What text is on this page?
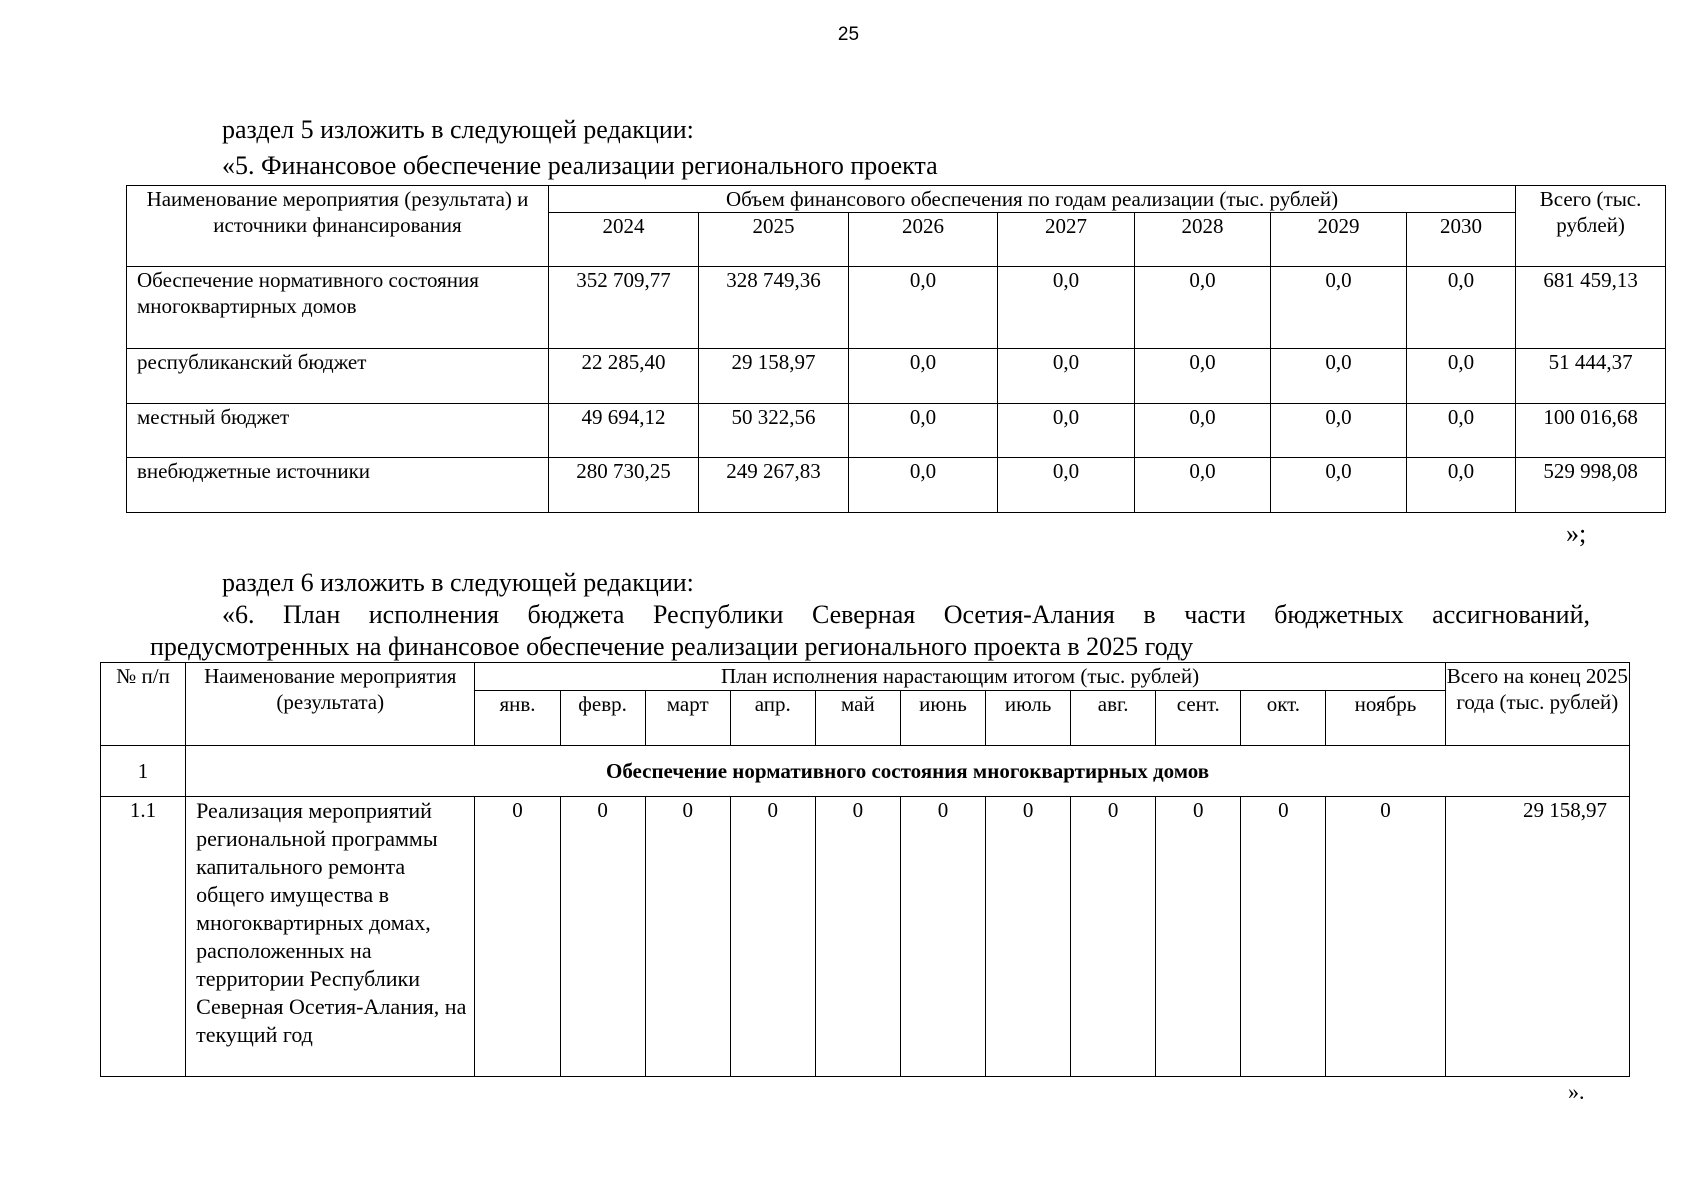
25
раздел 5 изложить в следующей редакции:
«5. Финансовое обеспечение реализации регионального проекта
Наименование мероприятия (результата) и источники финансирования	Объем финансового обеспечения по годам реализации (тыс. рублей)							Всего (тыс. рублей)
	2024	2025	2026	2027	2028	2029	2030	
Обеспечение нормативного состояния многоквартирных домов	352 709,77	328 749,36	0,0	0,0	0,0	0,0	0,0	681 459,13
республиканский бюджет	22 285,40	29 158,97	0,0	0,0	0,0	0,0	0,0	51 444,37
местный бюджет	49 694,12	50 322,56	0,0	0,0	0,0	0,0	0,0	100 016,68
внебюджетные источники	280 730,25	249 267,83	0,0	0,0	0,0	0,0	0,0	529 998,08
»;
раздел 6 изложить в следующей редакции:
«6. План исполнения бюджета Республики Северная Осетия-Алания в части бюджетных ассигнований,
предусмотренных на финансовое обеспечение реализации регионального проекта в 2025 году
№ п/п	Наименование мероприятия (результата)	План исполнения нарастающим итогом (тыс. рублей)											Всего на конец 2025 года (тыс. рублей)
		янв.	февр.	март	апр.	май	июнь	июль	авг.	сент.	окт.	ноябрь	
1	Обеспечение нормативного состояния многоквартирных домов												
1.1	Реализация мероприятий региональной программы капитального ремонта общего имущества в многоквартирных домах, расположенных на территории Республики Северная Осетия-Алания, на текущий год	0	0	0	0	0	0	0	0	0	0	0	29 158,97
».
